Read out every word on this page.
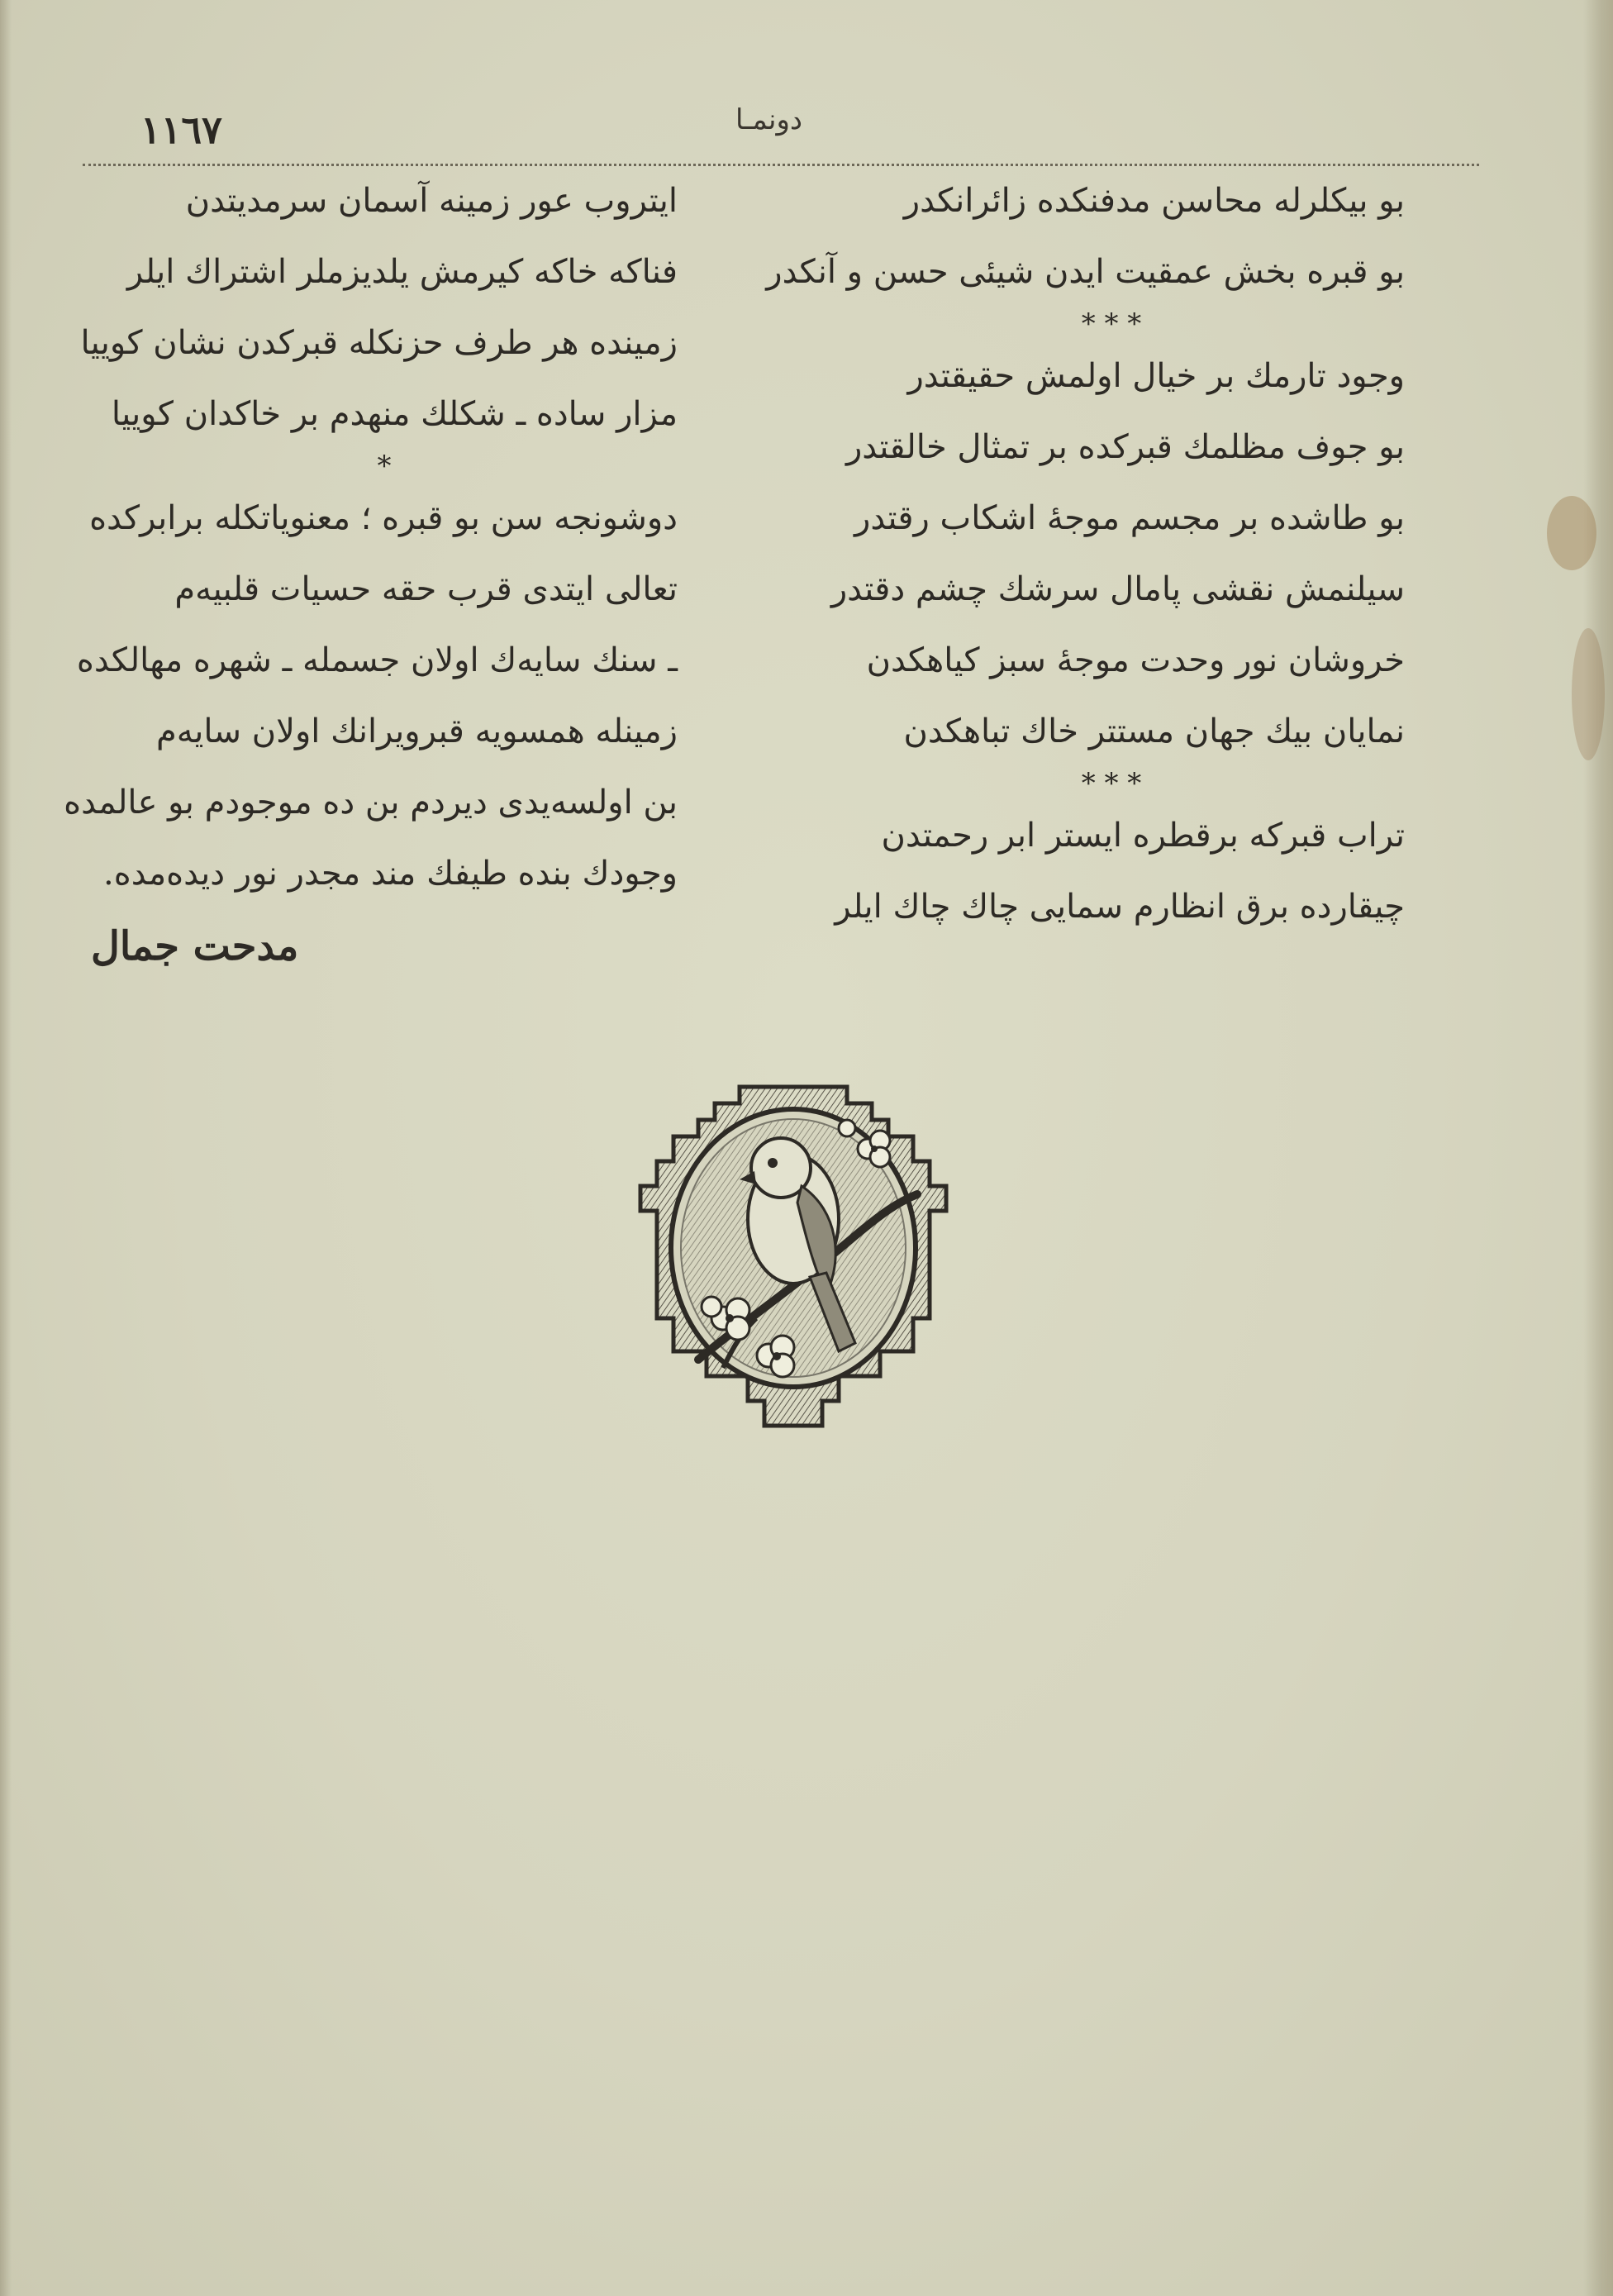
١١٦٧	دونمـا
بو بیکلرله محاسن مدفنکده زائرانکدر
بو قبره بخش عمقیت ایدن شیئی حسن و آنکدر
* * *
وجود تارمك بر خیال اولمش حقیقتدر
بو جوف مظلمك قبرکده بر تمثال خالقتدر
بو طاشده بر مجسم موجهٔ اشکاب رقتدر
سیلنمش نقشی پامال سرشك چشم دقتدر
خروشان نور وحدت موجهٔ سبز کیاهکدن
نمایان بیك جهان مستتر خاك تباهکدن
* * *
تراب قبرکه برقطره ایستر ابر رحمتدن
چیقارده برق انظارم سمایی چاك چاك ایلر
ایتروب عور زمینه آسمان سرمدیتدن
فناکه خاکه کیرمش یلدیزملر اشتراك ایلر
زمینده هر طرف حزنکله قبرکدن نشان کوییا
مزار ساده ـ شکلك منهدم بر خاکدان کوییا
*
دوشونجه سن بو قبره ؛ معنویاتکله برابرکده
تعالی ایتدی قرب حقه حسیات قلبیه‌م
ـ سنك سایه‌ك اولان جسمله ـ شهره مهالکده
زمینله همسویه قبرویرانك اولان سایه‌م
بن اولسه‌یدی دیردم بن ده موجودم بو عالمده
وجودك بنده طیفك مند مجدر نور دیده‌مده.
مدحت جمال
